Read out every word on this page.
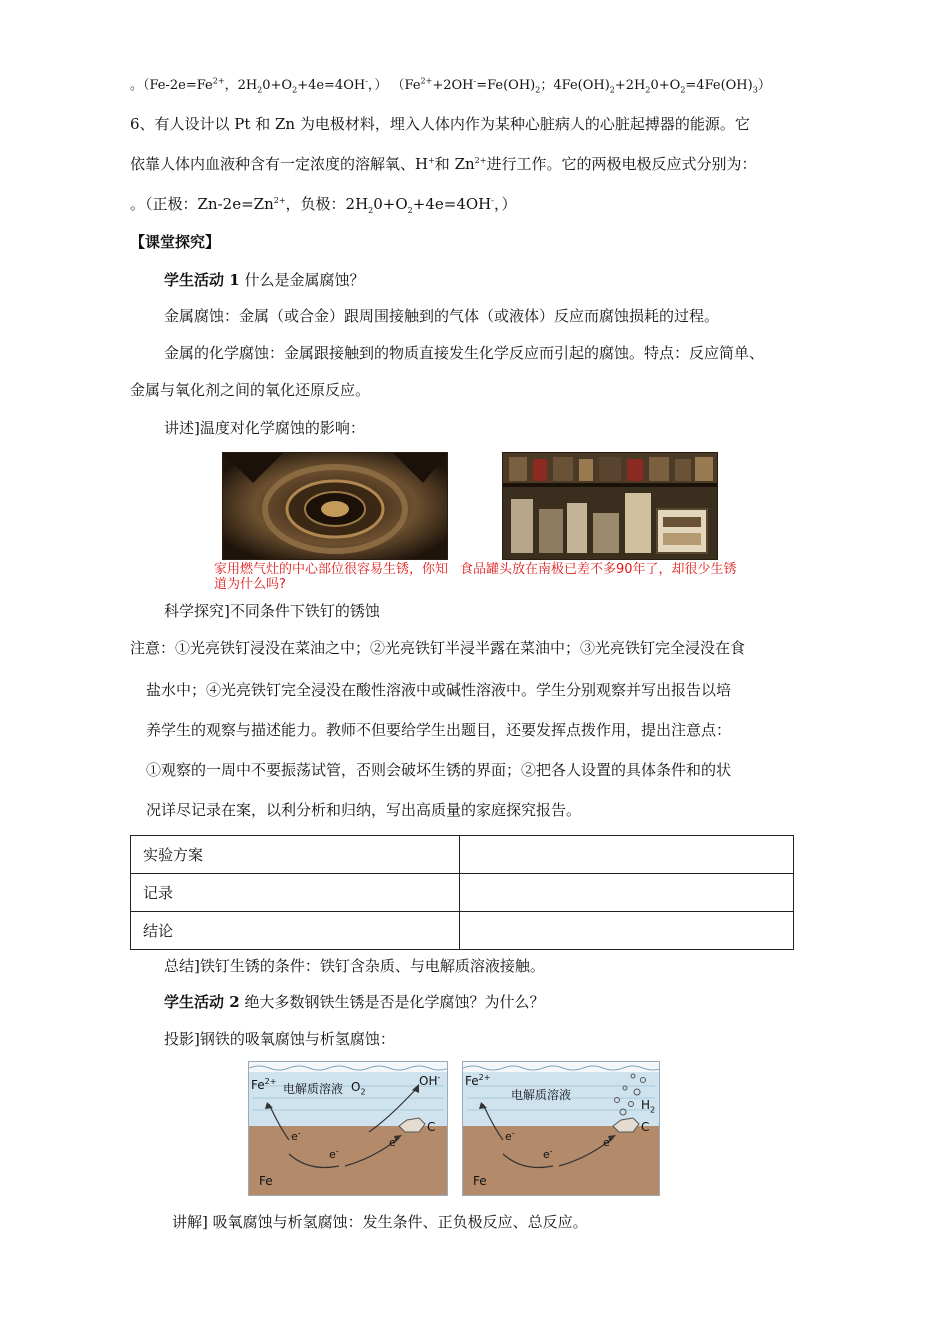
。（$Fe-2e=Fe^{2+}$，$2H_20+O_2+4e=4OH^-$，） （$Fe^{2+}+2OH^-=Fe(OH)_2$；$4Fe(OH)_2+2H_20+O_2=4Fe(OH)_3$）
6、有人设计以 Pt 和 Zn 为电极材料，埋入人体内作为某种心脏病人的心脏起搏器的能源。它
依靠人体内血液种含有一定浓度的溶解氧、H+和 $Zn^{2+}$进行工作。它的两极电极反应式分别为：
。（正极：$Zn-2e=Zn^{2+}$，负极：$2H_20+O_2+4e=4OH^-$，）
【课堂探究】
学生活动 1 什么是金属腐蚀？
金属腐蚀：金属（或合金）跟周围接触到的气体（或液体）反应而腐蚀损耗的过程。
金属的化学腐蚀：金属跟接触到的物质直接发生化学反应而引起的腐蚀。特点：反应简单、
金属与氧化剂之间的氧化还原反应。
讲述]温度对化学腐蚀的影响：
家用燃气灶的中心部位很容易生锈，你知道为什么吗?
食品罐头放在南极已差不多90年了，却很少生锈
科学探究]不同条件下铁钉的锈蚀
注意：①光亮铁钉浸没在菜油之中；②光亮铁钉半浸半露在菜油中；③光亮铁钉完全浸没在食
盐水中；④光亮铁钉完全浸没在酸性溶液中或碱性溶液中。学生分别观察并写出报告以培
养学生的观察与描述能力。教师不但要给学生出题目，还要发挥点拨作用，提出注意点：
①观察的一周中不要振荡试管，否则会破坏生锈的界面；②把各人设置的具体条件和的状
况详尽记录在案，以利分析和归纳，写出高质量的家庭探究报告。
实验方案	
记录	
结论	
总结]铁钉生锈的条件：铁钉含杂质、与电解质溶液接触。
学生活动 2 绝大多数钢铁生锈是否是化学腐蚀？为什么？
投影]钢铁的吸氧腐蚀与析氢腐蚀：
$Fe^{2+}$
电解质溶液 $O_2$
OH-
C
e-
e-
e-
Fe
$Fe^{2+}$
电解质溶液
$H_2$
C
e-
e-
e-
Fe
讲解] 吸氧腐蚀与析氢腐蚀：发生条件、正负极反应、总反应。
